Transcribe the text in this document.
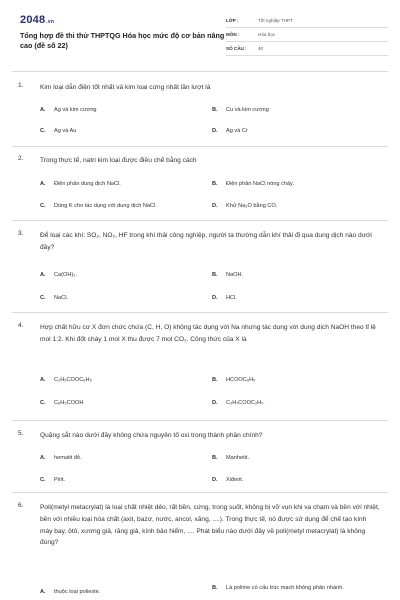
2048.vn
Tổng hợp đề thi thử THPTQG Hóa học mức độ cơ bản nâng cao (đề số 22)
LỚP :	Tốt nghiệp THPT
MÔN :	Hóa học
SỐ CÂU :	40
1.	Kim loại dẫn điện tốt nhất và kim loại cứng nhất lần lượt là
A.	Ag và kim cương	B.	Cu và kim cương
C.	Ag và Au	D.	Ag và Cr
2.	Trong thực tế, natri kim loại được điều chế bằng cách
A.	Điện phân dung dịch NaCl.	B.	Điện phân NaCl nóng chảy.
C.	Dùng K cho tác dụng với dung dịch NaCl.	D.	Khử Na₂O bằng CO.
3.	Để loại các khí: SO₂, NO₂, HF trong khí thải công nghiệp, người ta thường dẫn khí thải đi qua dung dịch nào dưới đây?
A.	Ca(OH)₂.	B.	NaOH.
C.	NaCl.	D.	HCl.
4.	Hợp chất hữu cơ X đơn chức chứa (C, H, O) không tác dụng với Na nhưng tác dụng với dung dịch NaOH theo tỉ lệ mol 1:2. Khi đốt cháy 1 mol X thu được 7 mol CO₂. Công thức của X là
A.	C₂H₅COOC₆H₅	B.	HCOOC₆H₅
C.	C₆H₅COOH	D.	C₂H₇COOC₂H₇.
5.	Quặng sắt nào dưới đây không chứa nguyên tố oxi trong thành phần chính?
A.	hematit đỏ.	B.	Manhetit.
C.	Pirit.	D.	Xiđerit.
6.	Poli(metyl metacrylat) là loại chất nhiệt dẻo, rất bền, cứng, trong suốt, không bị vỡ vụn khi va chạm và bền với nhiệt, bền với nhiều loại hóa chất (axit, bazơ, nước, ancol, xăng, ....). Trong thực tế, nó được sử dụng để chế tạo kính máy bay, ôtô, xương giả, răng giả, kính bảo hiểm, .... Phát biểu nào dưới đây về poli(metyl metacrylat) là không đúng?
A.	thuộc loại polieste.
B.	Là polime có cấu trúc mạch không phân nhánh.
